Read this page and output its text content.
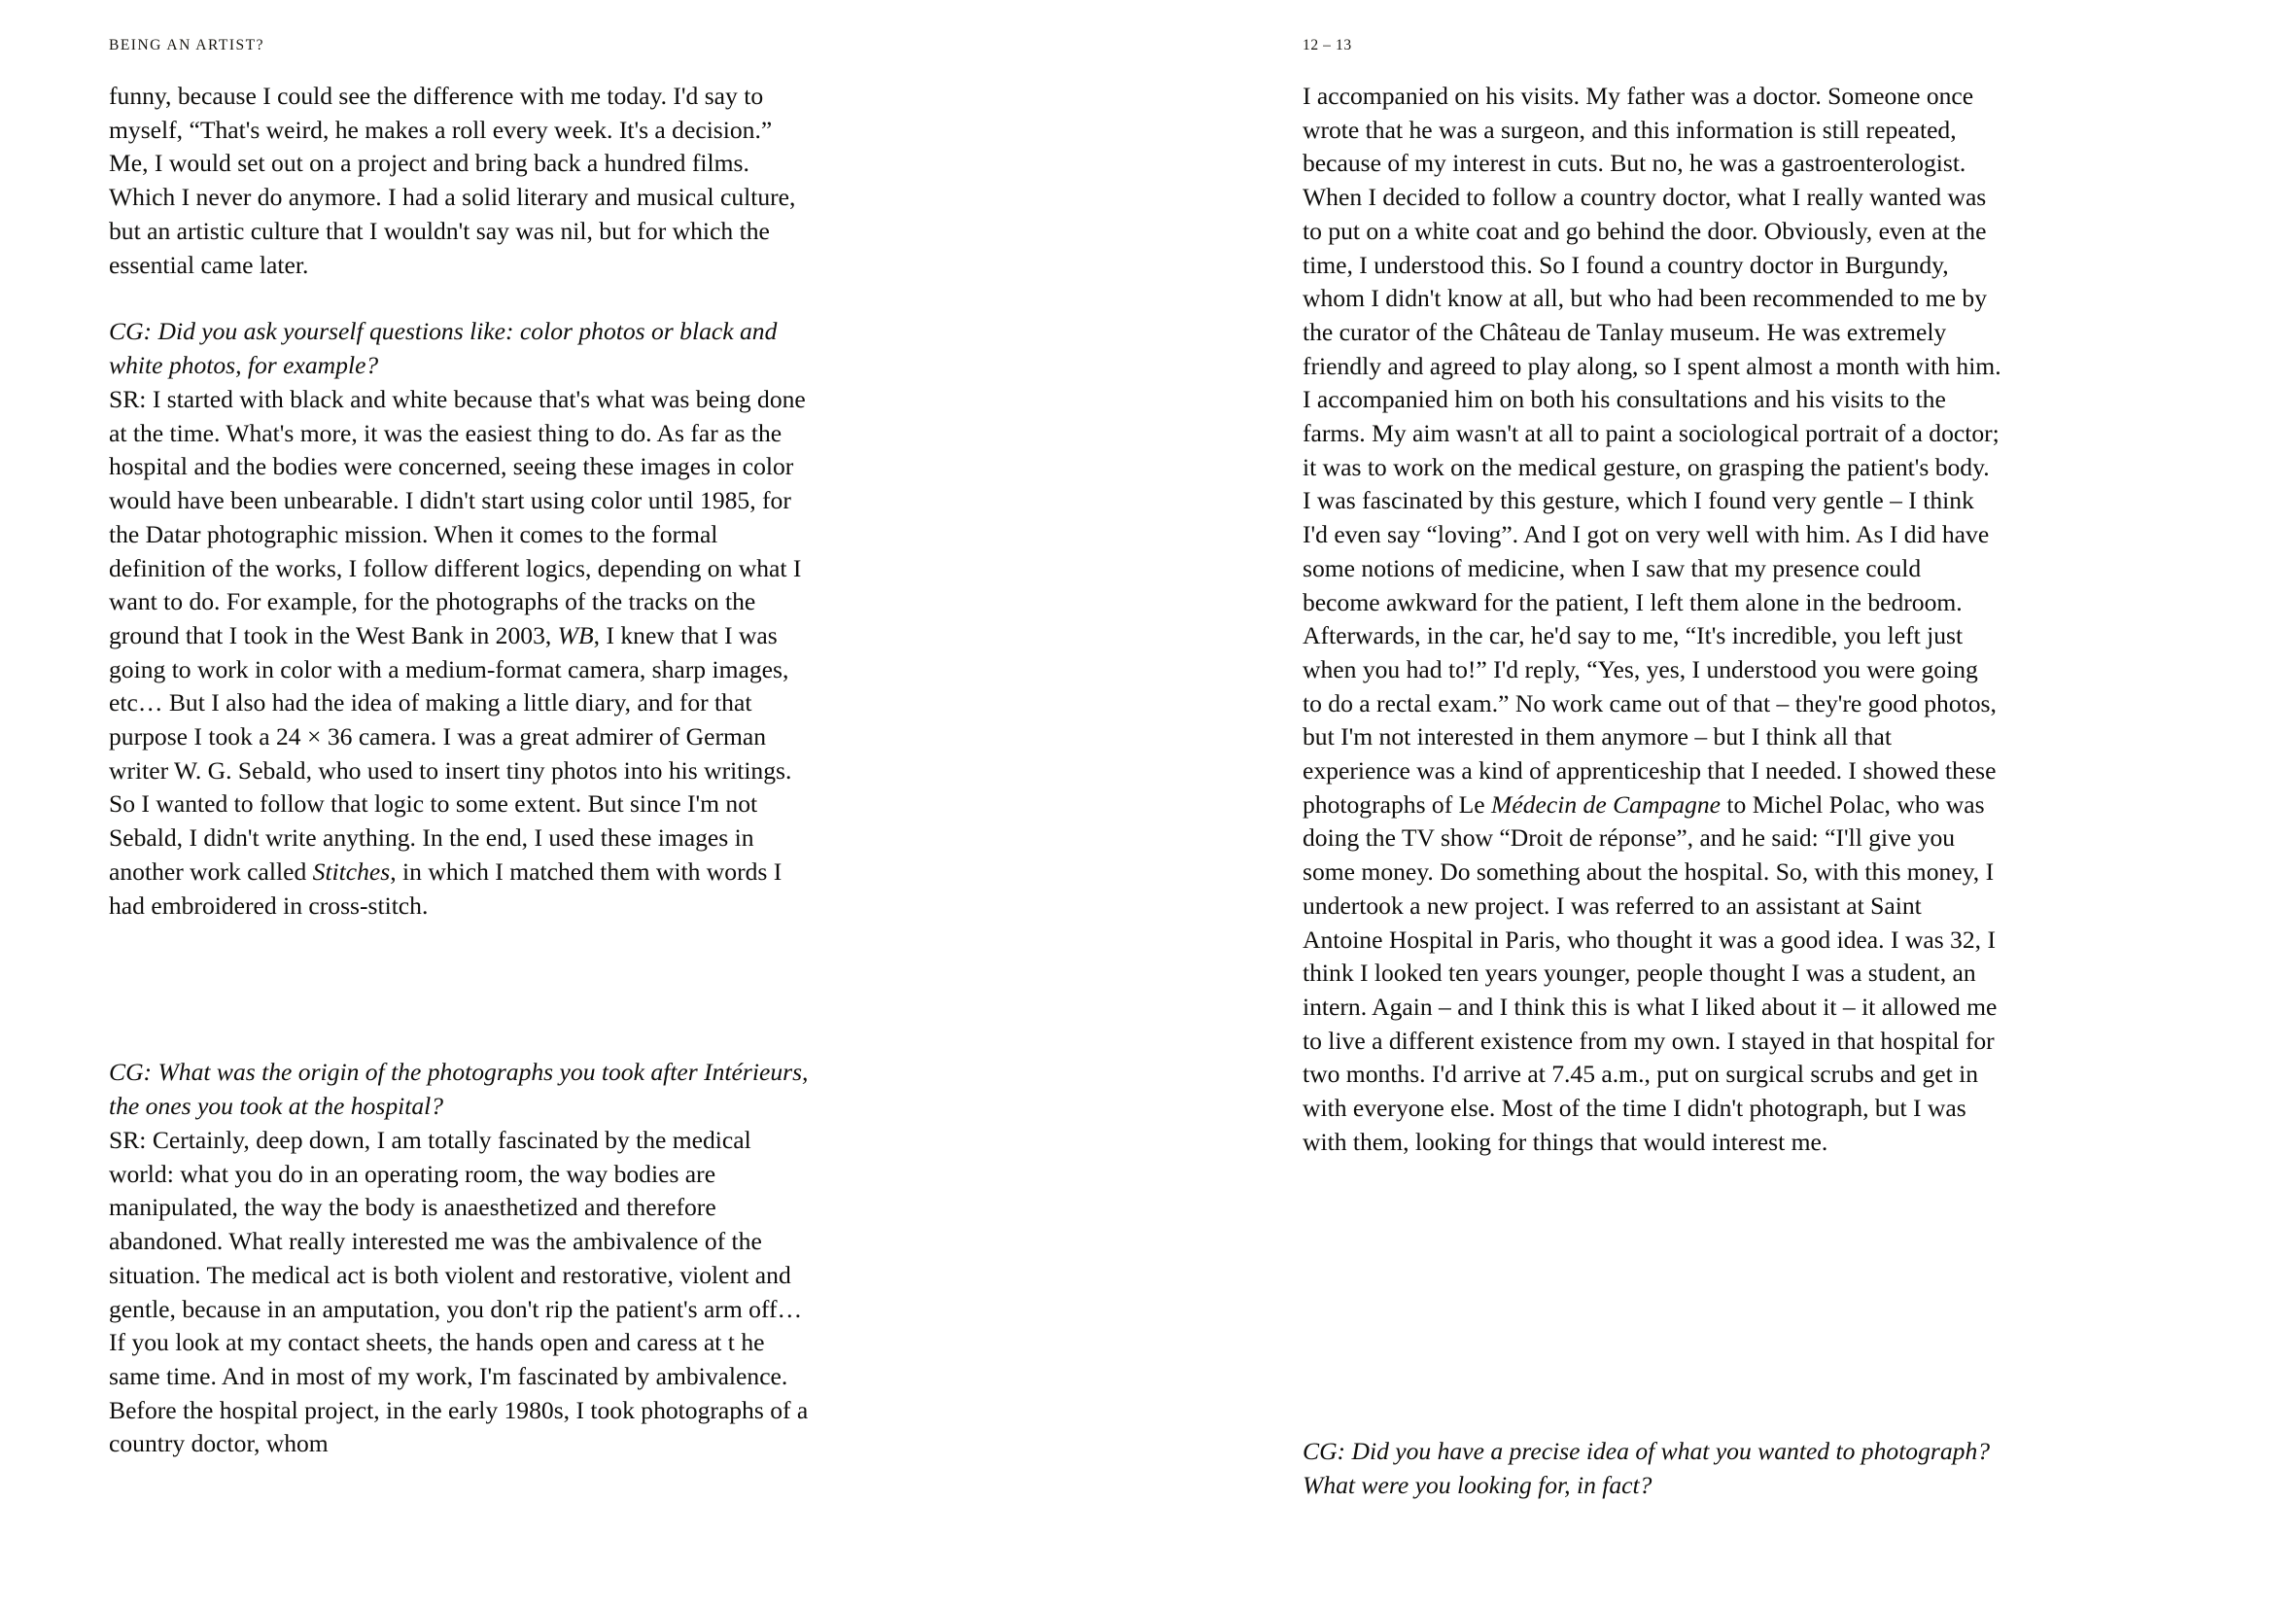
BEING AN ARTIST?	12 – 13
funny, because I could see the difference with me today. I'd say to myself, “That's weird, he makes a roll every week. It's a decision.” Me, I would set out on a project and bring back a hundred films. Which I never do anymore. I had a solid literary and musical culture, but an artistic culture that I wouldn't say was nil, but for which the essential came later.
CG: Did you ask yourself questions like: color photos or black and white photos, for example?
SR: I started with black and white because that's what was being done at the time. What's more, it was the easiest thing to do. As far as the hospital and the bodies were concerned, seeing these images in color would have been unbearable. I didn't start using color until 1985, for the Datar photographic mission. When it comes to the formal definition of the works, I follow different logics, depending on what I want to do. For example, for the photographs of the tracks on the ground that I took in the West Bank in 2003, WB, I knew that I was going to work in color with a medium-format camera, sharp images, etc… But I also had the idea of making a little diary, and for that purpose I took a 24 × 36 camera. I was a great admirer of German writer W. G. Sebald, who used to insert tiny photos into his writings. So I wanted to follow that logic to some extent. But since I'm not Sebald, I didn't write anything. In the end, I used these images in another work called Stitches, in which I matched them with words I had embroidered in cross-stitch.
CG: What was the origin of the photographs you took after Intérieurs, the ones you took at the hospital?
SR: Certainly, deep down, I am totally fascinated by the medical world: what you do in an operating room, the way bodies are manipulated, the way the body is anaesthetized and therefore abandoned. What really interested me was the ambivalence of the situation. The medical act is both violent and restorative, violent and gentle, because in an amputation, you don't rip the patient's arm off… If you look at my contact sheets, the hands open and caress at t he same time. And in most of my work, I'm fascinated by ambivalence. Before the hospital project, in the early 1980s, I took photographs of a country doctor, whom
I accompanied on his visits. My father was a doctor. Someone once wrote that he was a surgeon, and this information is still repeated, because of my interest in cuts. But no, he was a gastroenterologist. When I decided to follow a country doctor, what I really wanted was to put on a white coat and go behind the door. Obviously, even at the time, I understood this. So I found a country doctor in Burgundy, whom I didn't know at all, but who had been recommended to me by the curator of the Château de Tanlay museum. He was extremely friendly and agreed to play along, so I spent almost a month with him. I accompanied him on both his consultations and his visits to the farms. My aim wasn't at all to paint a sociological portrait of a doctor; it was to work on the medical gesture, on grasping the patient's body. I was fascinated by this gesture, which I found very gentle – I think I'd even say “loving”. And I got on very well with him. As I did have some notions of medicine, when I saw that my presence could become awkward for the patient, I left them alone in the bedroom. Afterwards, in the car, he'd say to me, “It's incredible, you left just when you had to!” I'd reply, “Yes, yes, I understood you were going to do a rectal exam.” No work came out of that – they're good photos, but I'm not interested in them anymore – but I think all that experience was a kind of apprenticeship that I needed. I showed these photographs of Le Médecin de Campagne to Michel Polac, who was doing the TV show “Droit de réponse”, and he said: “I'll give you some money. Do something about the hospital. So, with this money, I undertook a new project. I was referred to an assistant at Saint Antoine Hospital in Paris, who thought it was a good idea. I was 32, I think I looked ten years younger, people thought I was a student, an intern. Again – and I think this is what I liked about it – it allowed me to live a different existence from my own. I stayed in that hospital for two months. I'd arrive at 7.45 a.m., put on surgical scrubs and get in with everyone else. Most of the time I didn't photograph, but I was with them, looking for things that would interest me.
CG: Did you have a precise idea of what you wanted to photograph? What were you looking for, in fact?
